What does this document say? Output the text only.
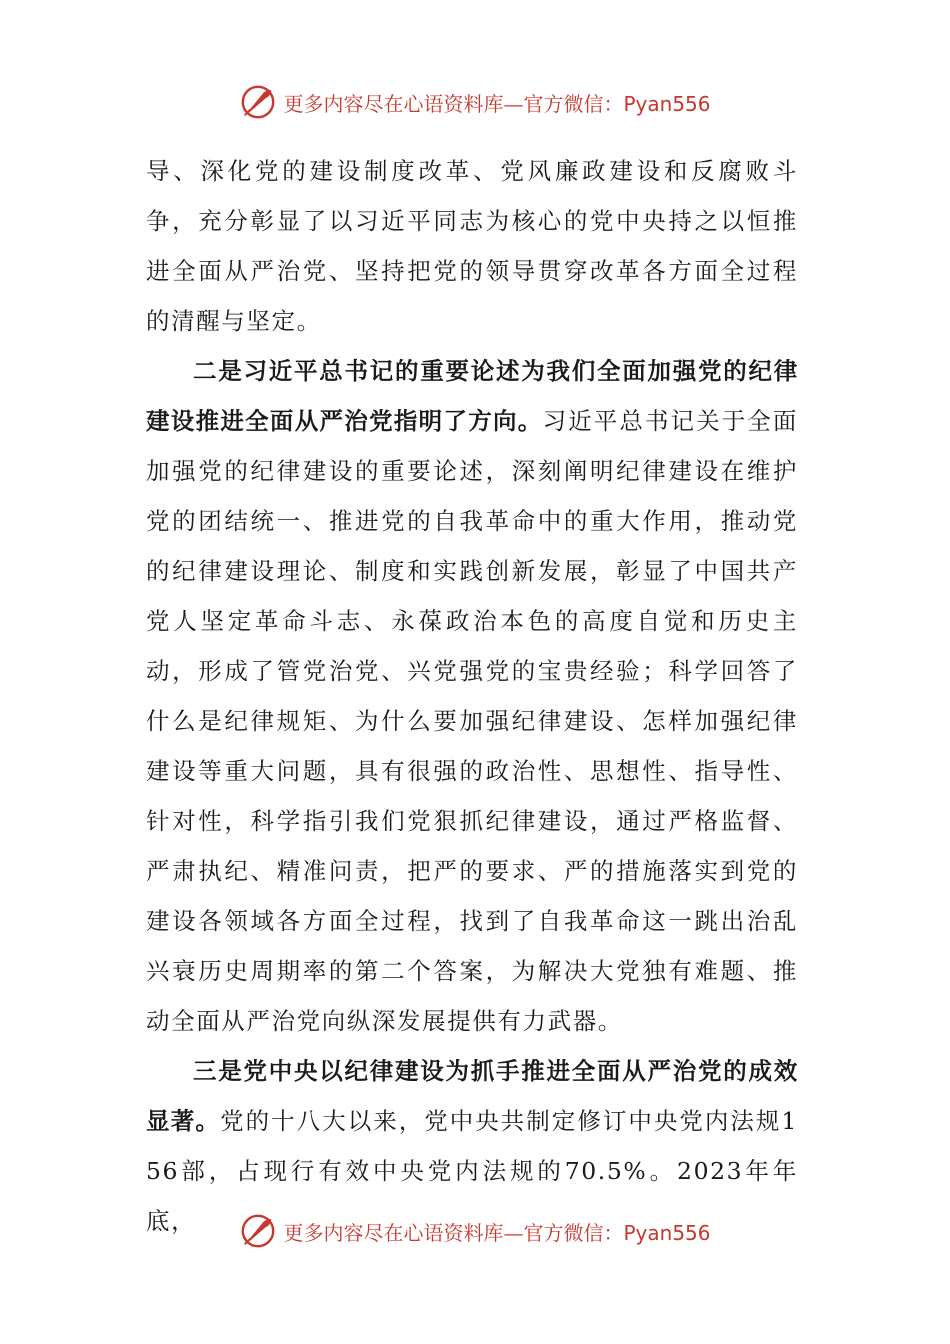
更多内容尽在心语资料库—官方微信：Pyan556

导、深化党的建设制度改革、党风廉政建设和反腐败斗争，充分彰显了以习近平同志为核心的党中央持之以恒推进全面从严治党、坚持把党的领导贯穿改革各方面全过程的清醒与坚定。

二是习近平总书记的重要论述为我们全面加强党的纪律建设推进全面从严治党指明了方向。习近平总书记关于全面加强党的纪律建设的重要论述，深刻阐明纪律建设在维护党的团结统一、推进党的自我革命中的重大作用，推动党的纪律建设理论、制度和实践创新发展，彰显了中国共产党人坚定革命斗志、永葆政治本色的高度自觉和历史主动，形成了管党治党、兴党强党的宝贵经验；科学回答了什么是纪律规矩、为什么要加强纪律建设、怎样加强纪律建设等重大问题，具有很强的政治性、思想性、指导性、针对性，科学指引我们党狠抓纪律建设，通过严格监督、严肃执纪、精准问责，把严的要求、严的措施落实到党的建设各领域各方面全过程，找到了自我革命这一跳出治乱兴衰历史周期率的第二个答案，为解决大党独有难题、推动全面从严治党向纵深发展提供有力武器。

三是党中央以纪律建设为抓手推进全面从严治党的成效显著。党的十八大以来，党中央共制定修订中央党内法规156部，占现行有效中央党内法规的70.5%。2023年年底，	更多内容尽在心语资料库—官方微信：Pyan556
